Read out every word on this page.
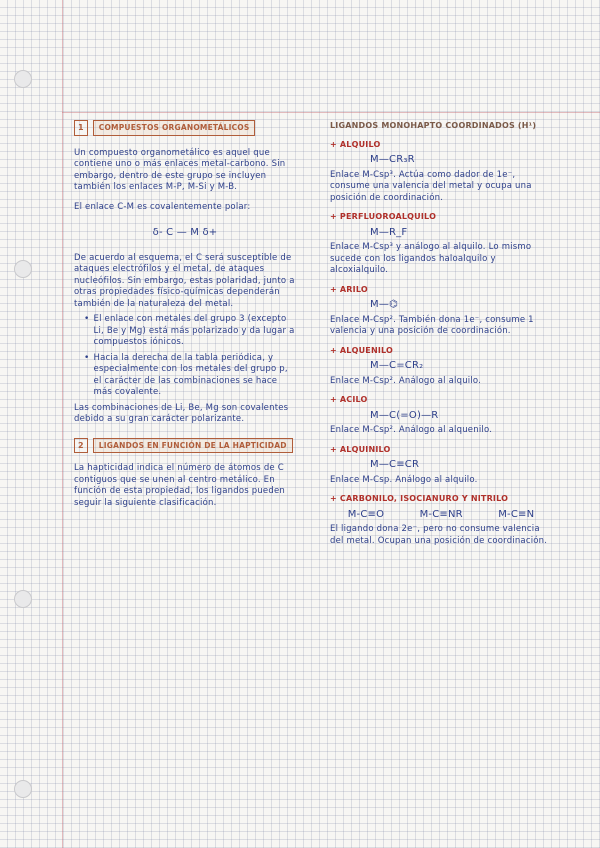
1	COMPUESTOS ORGANOMETÁLICOS
Un compuesto organometálico es aquel que contiene uno o más enlaces metal-carbono. Sin embargo, dentro de este grupo se incluyen también los enlaces M-P, M-Si y M-B.
El enlace C-M es covalentemente polar:
δ- C — M δ+
De acuerdo al esquema, el C será susceptible de ataques electrófilos y el metal, de ataques nucleófilos. Sin embargo, estas polaridad, junto a otras propiedades físico-químicas dependerán también de la naturaleza del metal.
• El enlace con metales del grupo 3 (excepto Li, Be y Mg) está más polarizado y da lugar a compuestos iónicos.
• Hacia la derecha de la tabla periódica, y especialmente con los metales del grupo p, el carácter de las combinaciones se hace más covalente.
Las combinaciones de Li, Be, Mg son covalentes debido a su gran carácter polarizante.
2	LIGANDOS EN FUNCIÓN DE LA HAPTICIDAD
La hapticidad indica el número de átomos de C contiguos que se unen al centro metálico. En función de esta propiedad, los ligandos pueden seguir la siguiente clasificación.
LIGANDOS MONOHAPTO COORDINADOS (Η¹)
+ ALQUILO
M—CR₃R
Enlace M-Csp³. Actúa como dador de 1e⁻, consume una valencia del metal y ocupa una posición de coordinación.
+ PERFLUOROALQUILO
M—R_F
Enlace M-Csp³ y análogo al alquilo. Lo mismo sucede con los ligandos haloalquilo y alcoxialquilo.
+ ARILO
M—⌬
Enlace M-Csp². También dona 1e⁻, consume 1 valencia y una posición de coordinación.
+ ALQUENILO
M—C=CR₂
Enlace M-Csp². Análogo al alquilo.
+ ACILO
M—C(=O)—R
Enlace M-Csp². Análogo al alquenilo.
+ ALQUINILO
M—C≡CR
Enlace M-Csp. Análogo al alquilo.
+ CARBONILO, ISOCIANURO Y NITRILO
M-C≡O	M-C≡NR	M-C≡N
El ligando dona 2e⁻, pero no consume valencia del metal. Ocupan una posición de coordinación.
